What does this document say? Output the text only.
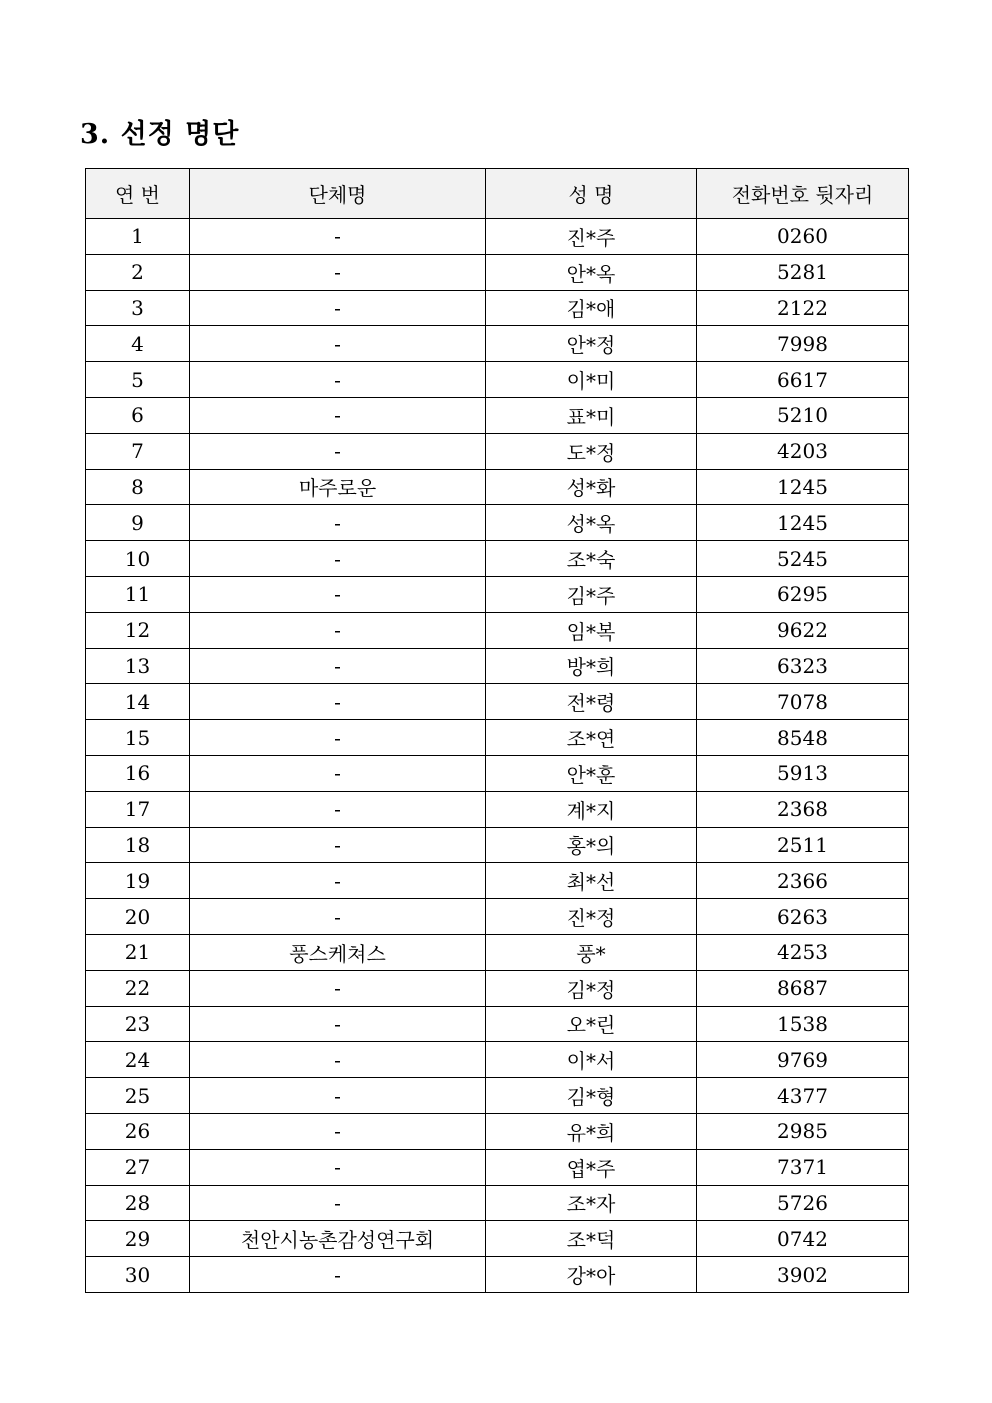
3. 선정 명단
연 번	단체명	성 명	전화번호 뒷자리
1	-	진*주	0260
2	-	안*옥	5281
3	-	김*애	2122
4	-	안*정	7998
5	-	이*미	6617
6	-	표*미	5210
7	-	도*정	4203
8	마주로운	성*화	1245
9	-	성*옥	1245
10	-	조*숙	5245
11	-	김*주	6295
12	-	임*복	9622
13	-	방*희	6323
14	-	전*령	7078
15	-	조*연	8548
16	-	안*훈	5913
17	-	계*지	2368
18	-	홍*의	2511
19	-	최*선	2366
20	-	진*정	6263
21	풍스케쳐스	풍*	4253
22	-	김*정	8687
23	-	오*린	1538
24	-	이*서	9769
25	-	김*형	4377
26	-	유*희	2985
27	-	엽*주	7371
28	-	조*자	5726
29	천안시농촌감성연구회	조*덕	0742
30	-	강*아	3902
